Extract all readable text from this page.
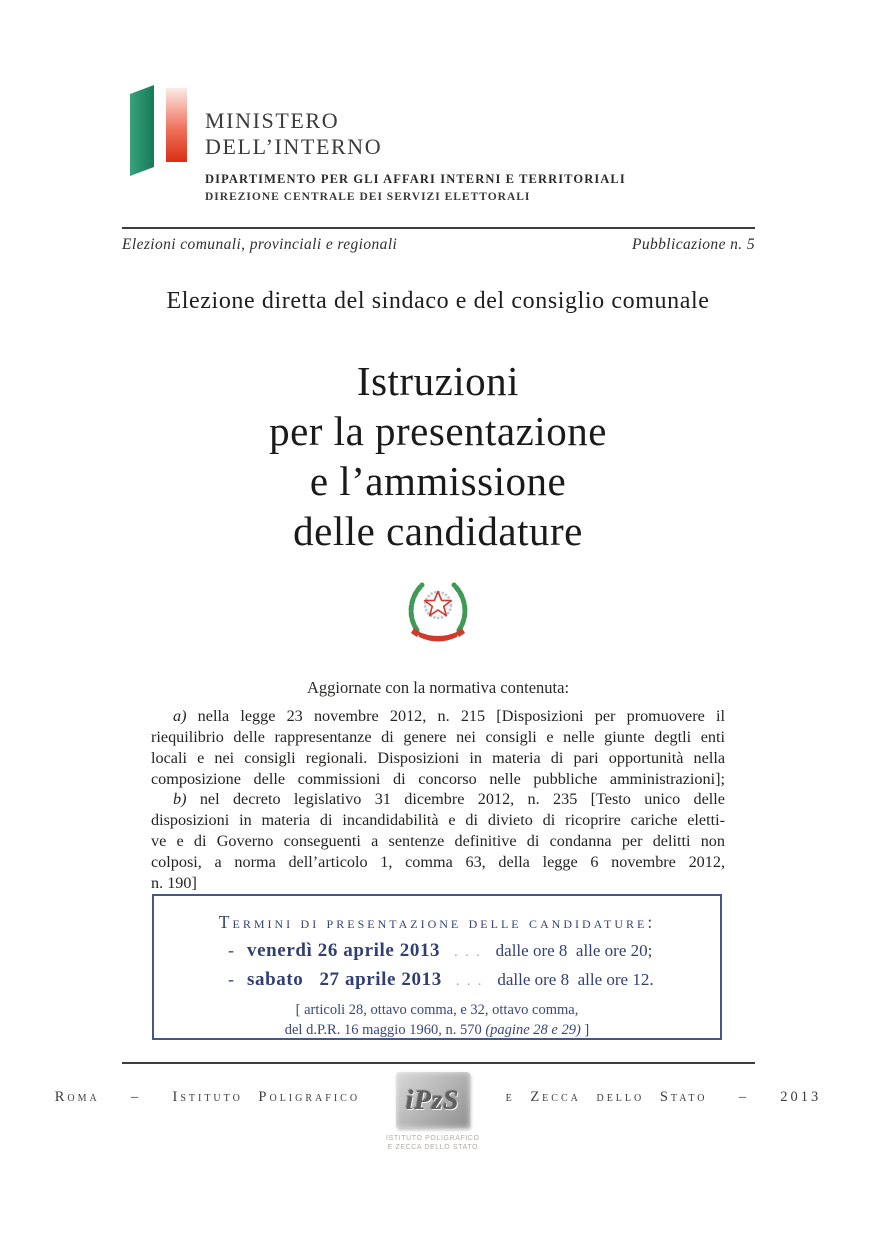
MINISTERO
DELL’INTERNO
DIPARTIMENTO PER GLI AFFARI INTERNI E TERRITORIALI
DIREZIONE CENTRALE DEI SERVIZI ELETTORALI
Elezioni comunali, provinciali e regionali	Pubblicazione n. 5
Elezione diretta del sindaco e del consiglio comunale
Istruzioni
per la presentazione
e l’ammissione
delle candidature
Aggiornate con la normativa contenuta:
a) nella legge 23 novembre 2012, n. 215 [Disposizioni per promuovere il
riequilibrio delle rappresentanze di genere nei consigli e nelle giunte degtli enti
locali e nei consigli regionali. Disposizioni in materia di pari opportunità nella
composizione delle commissioni di concorso nelle pubbliche amministrazioni];
b) nel decreto legislativo 31 dicembre 2012, n. 235 [Testo unico delle
disposizioni in materia di incandidabilità e di divieto di ricoprire cariche eletti-
ve e di Governo conseguenti a sentenze definitive di condanna per delitti non
colposi, a norma dell’articolo 1, comma 63, della legge 6 novembre 2012,
n. 190]
Termini di presentazione delle candidature:
- venerdì 26 aprile 2013 . . . dalle ore 8  alle ore 20;
- sabato   27 aprile 2013 . . . dalle ore 8  alle ore 12.
[ articoli 28, ottavo comma, e 32, ottavo comma,
del d.P.R. 16 maggio 1960, n. 570 (pagine 28 e 29) ]
Roma  –  Istituto Poligrafico iPzS
ISTITUTO POLIGRAFICO
E ZECCA DELLO STATO
e Zecca dello Stato  –  2013
